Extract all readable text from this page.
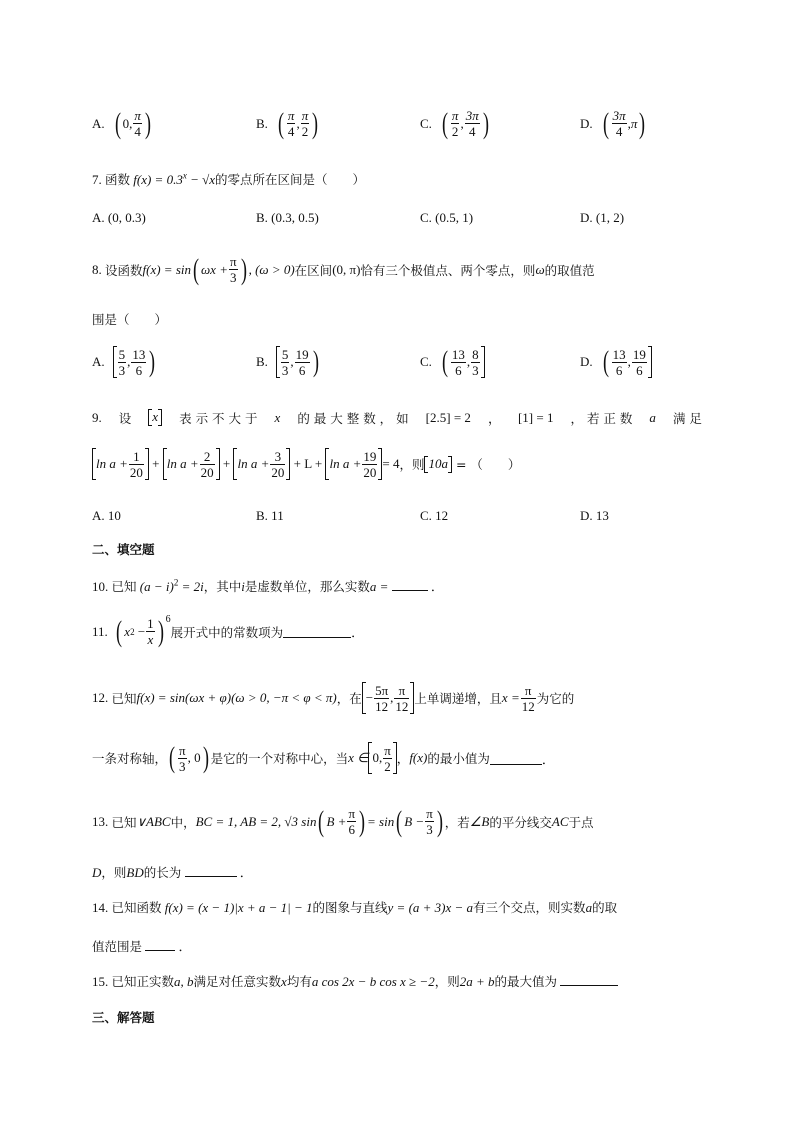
A. ( 0, $\frac{\pi}{4}$ )	B. ( $\frac{\pi}{4}$ , $\frac{\pi}{2}$ )	C. ( $\frac{\pi}{2}$ , $\frac{3\pi}{4}$ )	D. ( $\frac{3\pi}{4}$ , π )
7. 函数 $f(x) = 0.3^x - √x$的零点所在区间是（　　）
A. (0, 0.3)	B. (0.3, 0.5)	C. (0.5, 1)	D. (1, 2)
8.
设函数 f(x) = sin ( $\omega x + \frac{\pi}{3}$ ) , (ω > 0) 在区间 (0, π) 恰有三个极值点、两个零点，则 ω 的取值范
围是（　　）
A. $\frac{5}{3}$ , $\frac{13}{6}$ )	B. $\frac{5}{3}$ , $\frac{19}{6}$ )	C. ( $\frac{13}{6}$ , $\frac{8}{3}$	D. ( $\frac{13}{6}$ , $\frac{19}{6}$
9. 设	x	表 示 不 大 于 x 的 最 大 整 数 ， 如 [2.5] = 2 ， [1] = 1 ， 若 正 数 a 满 足
$\ln a + \frac{1}{20} + \ln a + \frac{2}{20} + \ln a + \frac{3}{20}$
+ L +
$\ln a + \frac{19}{20} = 4$ ，则 10a = （　　）
A. 10	B. 11	C. 12	D. 13
二、填空题
10. 已知 $(a - i)^2 = 2i$，其中i是虚数单位，那么实数a =	．
11.
( x 2
− $\frac{1}{x}$ ) 6
展开式中的常数项为	．
12.
已知 f(x) = sin(ωx + φ)(ω > 0, −π < φ < π) ，在 − $\frac{5\pi}{12}$ , $\frac{\pi}{12}$ 上单调递增，且 $x = \frac{\pi}{12}$ 为它的
一条对称轴， ( $\frac{\pi}{3}$ , 0 ) 是它的一个对称中心，当 x ∈ 0, $\frac{\pi}{2}$ ， f(x) 的最小值为	．
13.
已知 ∨ABC 中， BC = 1, AB = 2, √3 sin ( $B + \frac{\pi}{6}$ ) = sin ( $B - \frac{\pi}{3}$ ) ，若 ∠B 的平分线交 AC 于点
D，则BD的长为	．
14. 已知函数 f(x) = (x − 1)|x + a − 1| − 1的图象与直线y = (a + 3)x − a有三个交点，则实数a的取
值范围是	．
15. 已知正实数a, b满足对任意实数x均有a cos 2x − b cos x ≥ −2，则2a + b的最大值为
三、解答题
